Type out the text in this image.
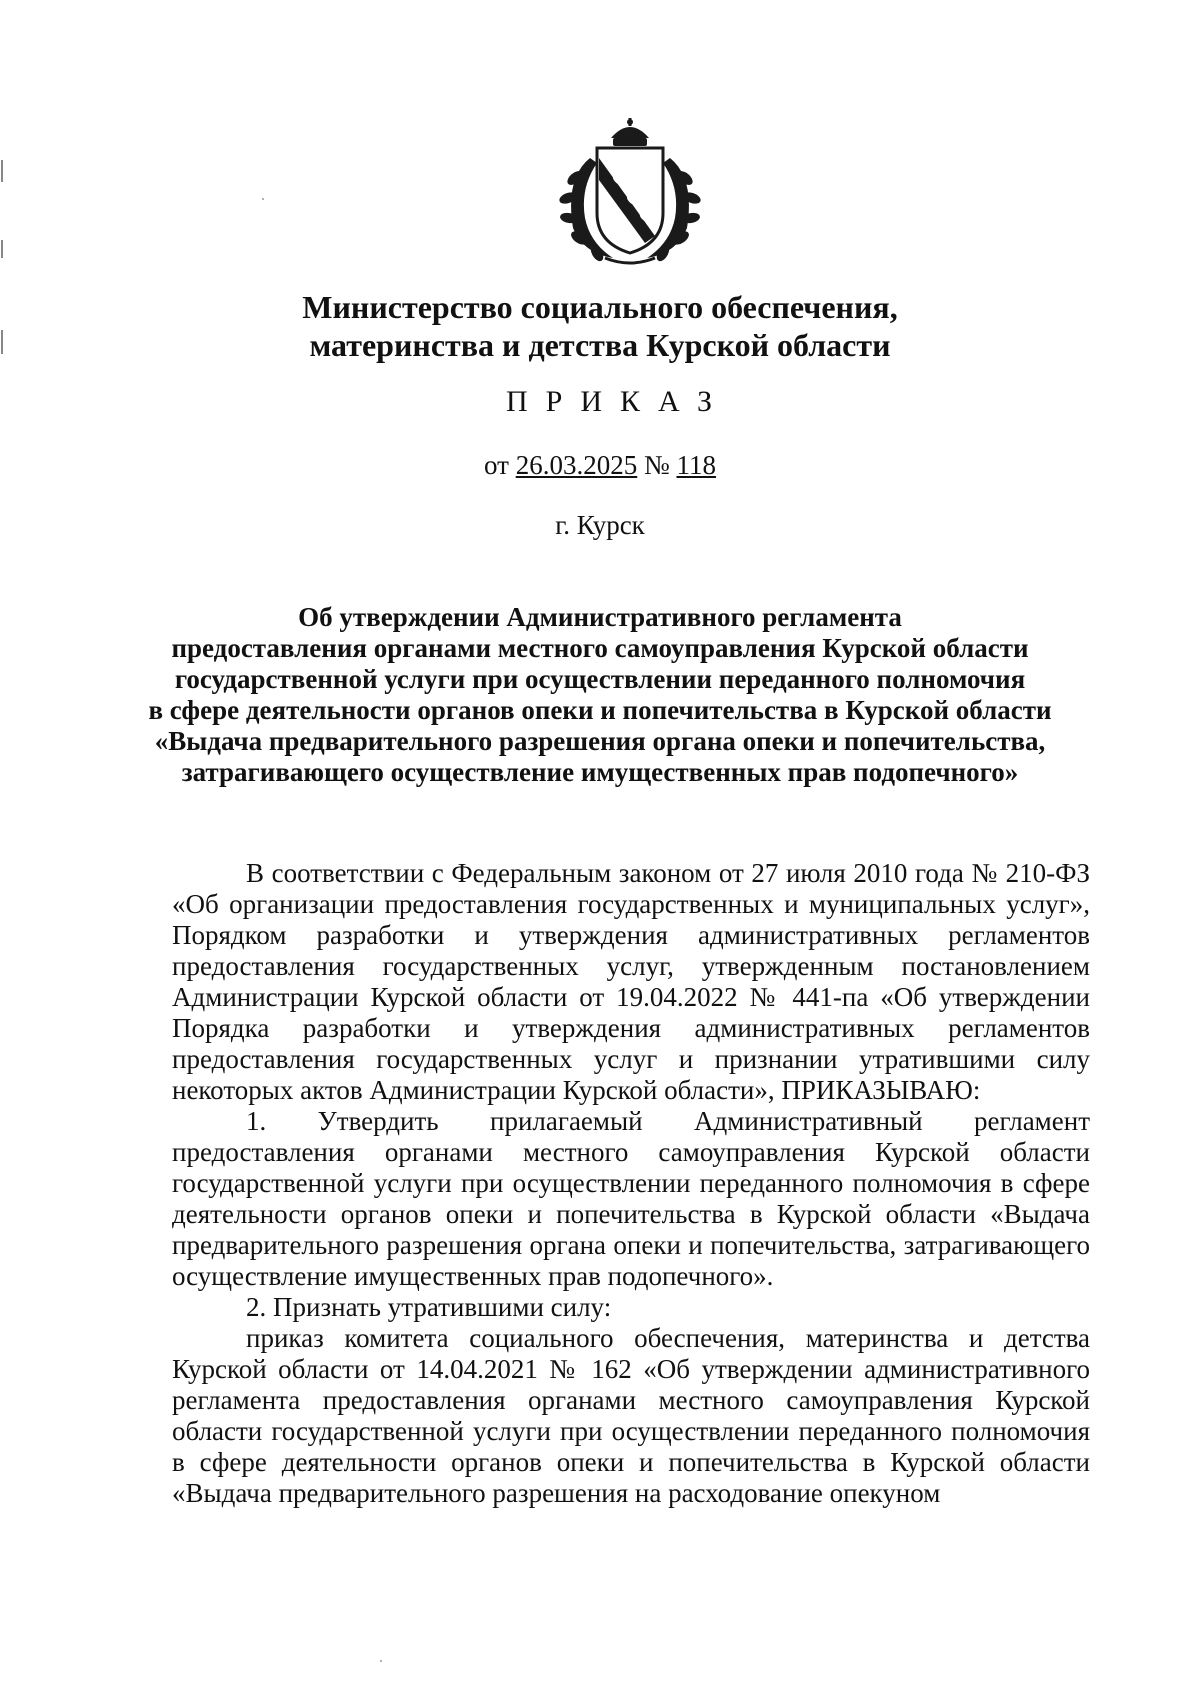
Министерство социального обеспечения,
материнства и детства Курской области
ПРИКАЗ
от 26.03.2025 № 118
г. Курск
Об утверждении Административного регламента
предоставления органами местного самоуправления Курской области
государственной услуги при осуществлении переданного полномочия
в сфере деятельности органов опеки и попечительства в Курской области
«Выдача предварительного разрешения органа опеки и попечительства,
затрагивающего осуществление имущественных прав подопечного»

В соответствии с Федеральным законом от 27 июля 2010 года № 210-ФЗ «Об организации предоставления государственных и муниципальных услуг», Порядком разработки и утверждения административных регламентов предоставления государственных услуг, утвержденным постановлением Администрации Курской области от 19.04.2022 № 441-па «Об утверждении Порядка разработки и утверждения административных регламентов предоставления государственных услуг и признании утратившими силу некоторых актов Администрации Курской области», ПРИКАЗЫВАЮ:

1. Утвердить прилагаемый Административный регламент предоставления органами местного самоуправления Курской области государственной услуги при осуществлении переданного полномочия в сфере деятельности органов опеки и попечительства в Курской области «Выдача предварительного разрешения органа опеки и попечительства, затрагивающего осуществление имущественных прав подопечного».

2. Признать утратившими силу:

приказ комитета социального обеспечения, материнства и детства Курской области от 14.04.2021 № 162 «Об утверждении административного регламента предоставления органами местного самоуправления Курской области государственной услуги при осуществлении переданного полномочия в сфере деятельности органов опеки и попечительства в Курской области «Выдача предварительного разрешения на расходование опекуном
